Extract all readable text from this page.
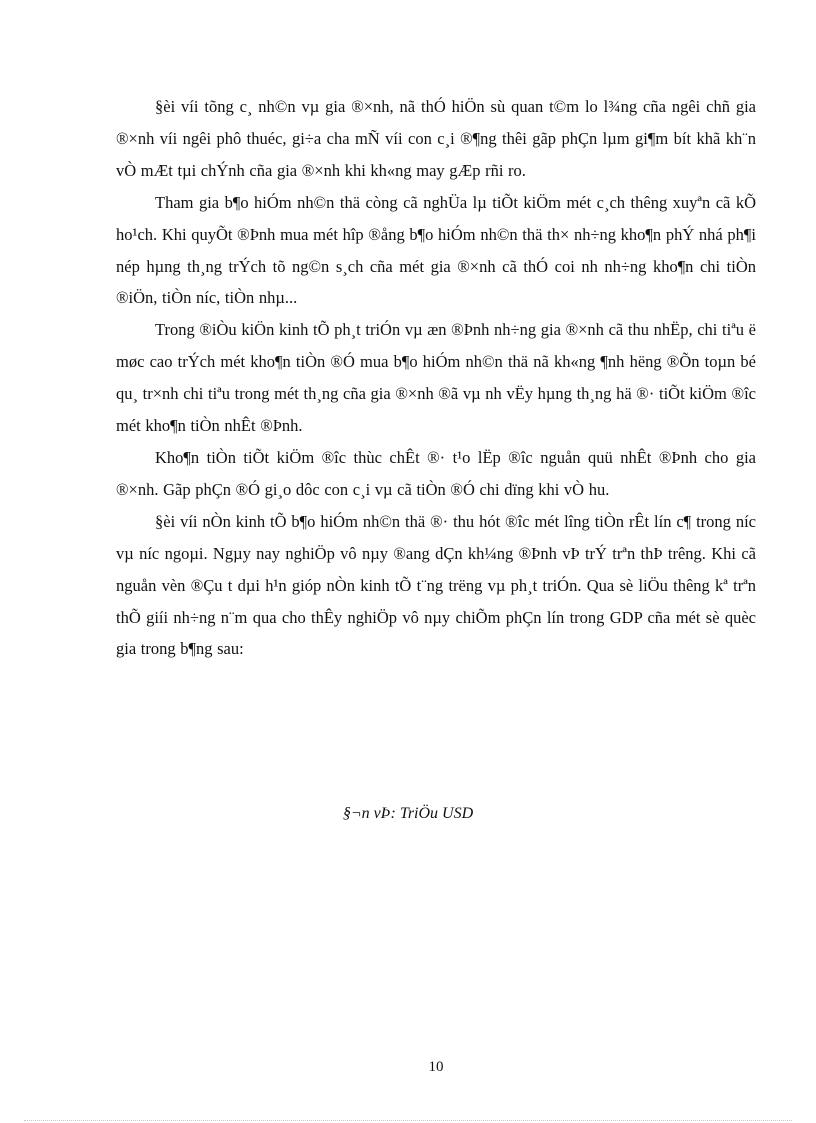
§èi víi tõng c¸ nh©n vµ gia ®×nh, nã thÓ hiÖn sù quan t©m lo l¾ng cña ngêi chñ gia ®×nh víi ngêi phô thuéc, gi÷a cha mÑ víi con c¸i ®¶ng thêi gãp phÇn lµm gi¶m bít khã kh¨n vÒ mÆt tµi chÝnh cña gia ®×nh khi kh«ng may gÆp rñi ro.

Tham gia b¶o hiÓm nh©n thä còng cã nghÜa lµ tiÕt kiÖm mét c¸ch thêng xuyªn cã kÕ ho¹ch. Khi quyÕt ®Þnh mua mét hîp ®ång b¶o hiÓm nh©n thä th× nh÷ng kho¶n phÝ nhá ph¶i nép hµng th¸ng trÝch tõ ng©n s¸ch cña mét gia ®×nh cã thÓ coi nh nh÷ng kho¶n chi tiÒn ®iÖn, tiÒn níc, tiÒn nhµ...

Trong ®iÒu kiÖn kinh tÕ ph¸t triÓn vµ æn ®Þnh nh÷ng gia ®×nh cã thu nhËp, chi tiªu ë møc cao trÝch mét kho¶n tiÒn ®Ó mua b¶o hiÓm nh©n thä nã kh«ng ¶nh hëng ®Õn toµn bé qu¸ tr×nh chi tiªu trong mét th¸ng cña gia ®×nh ®ã vµ nh vËy hµng th¸ng hä ®· tiÕt kiÖm ®îc mét kho¶n tiÒn nhÊt ®Þnh.

Kho¶n tiÒn tiÕt kiÖm ®îc thùc chÊt ®· t¹o lËp ®îc nguån quü nhÊt ®Þnh cho gia ®×nh. Gãp phÇn ®Ó gi¸o dôc con c¸i vµ cã tiÒn ®Ó chi dïng khi vÒ hu.

§èi víi nÒn kinh tÕ b¶o hiÓm nh©n thä ®· thu hót ®îc mét lîng tiÒn rÊt lín c¶ trong níc vµ níc ngoµi. Ngµy nay nghiÖp vô nµy ®ang dÇn kh¼ng ®Þnh vÞ trÝ trªn thÞ trêng. Khi cã nguån vèn ®Çu t dµi h¹n gióp nÒn kinh tÕ t¨ng trëng vµ ph¸t triÓn. Qua sè liÖu thêng kª trªn thÕ giíi nh÷ng n¨m qua cho thÊy nghiÖp vô nµy chiÕm phÇn lín trong GDP cña mét sè quèc gia trong b¶ng sau:

§¬n vÞ: TriÖu USD
10
